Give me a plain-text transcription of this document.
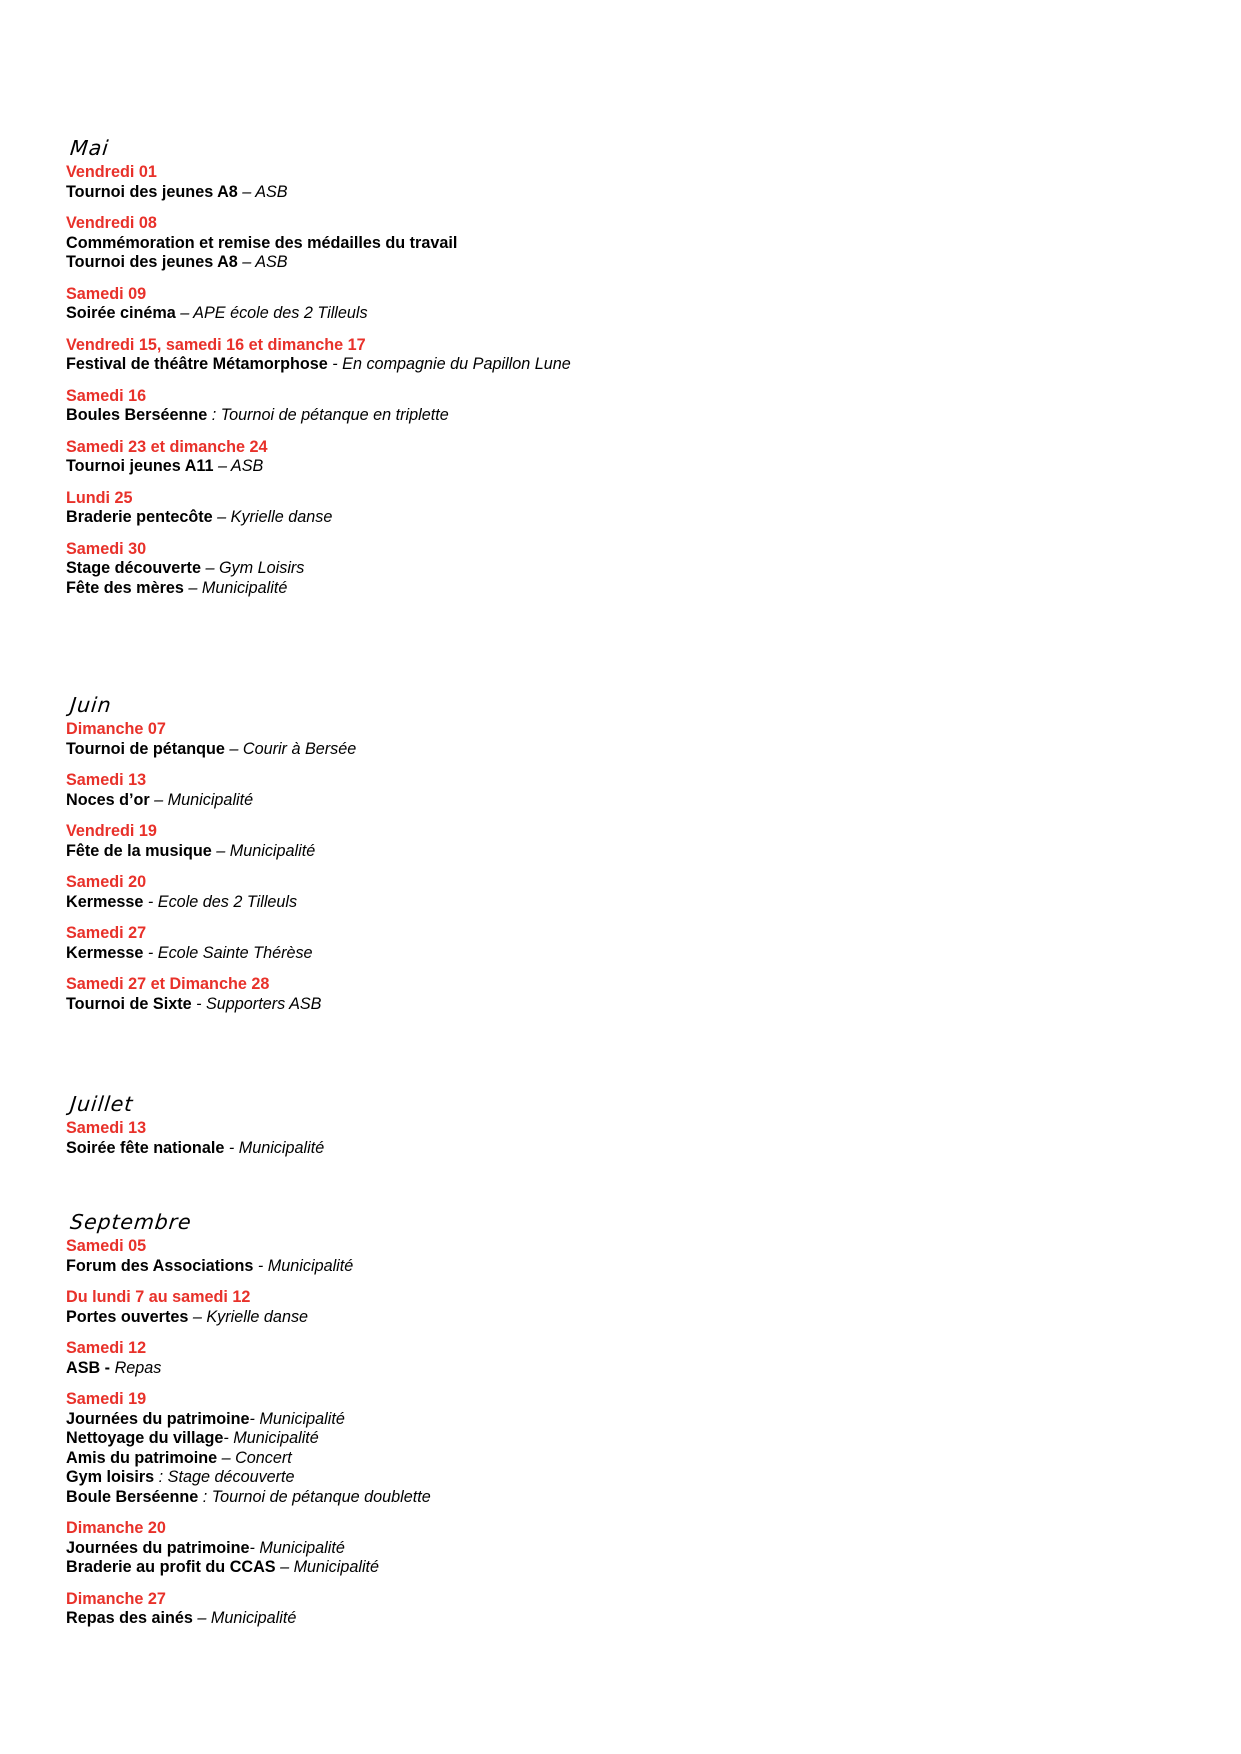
Mai
Vendredi 01
Tournoi des jeunes A8 – ASB
Vendredi 08
Commémoration et remise des médailles du travail
Tournoi des jeunes A8 – ASB
Samedi 09
Soirée cinéma – APE école des 2 Tilleuls
Vendredi 15, samedi 16 et dimanche 17
Festival de théâtre Métamorphose - En compagnie du Papillon Lune
Samedi 16
Boules Berséenne : Tournoi de pétanque en triplette
Samedi 23 et dimanche 24
Tournoi jeunes A11 – ASB
Lundi 25
Braderie pentecôte – Kyrielle danse
Samedi 30
Stage découverte – Gym Loisirs
Fête des mères – Municipalité
Juin
Dimanche 07
Tournoi de pétanque – Courir à Bersée
Samedi 13
Noces d’or – Municipalité
Vendredi 19
Fête de la musique – Municipalité
Samedi 20
Kermesse - Ecole des 2 Tilleuls
Samedi 27
Kermesse - Ecole Sainte Thérèse
Samedi 27 et Dimanche 28
Tournoi de Sixte - Supporters ASB
Juillet
Samedi 13
Soirée fête nationale - Municipalité
Septembre
Samedi 05
Forum des Associations - Municipalité
Du lundi 7 au samedi 12
Portes ouvertes – Kyrielle danse
Samedi 12
ASB - Repas
Samedi 19
Journées du patrimoine- Municipalité
Nettoyage du village- Municipalité
Amis du patrimoine – Concert
Gym loisirs : Stage découverte
Boule Berséenne : Tournoi de pétanque doublette
Dimanche 20
Journées du patrimoine- Municipalité
Braderie au profit du CCAS – Municipalité
Dimanche 27
Repas des ainés – Municipalité
